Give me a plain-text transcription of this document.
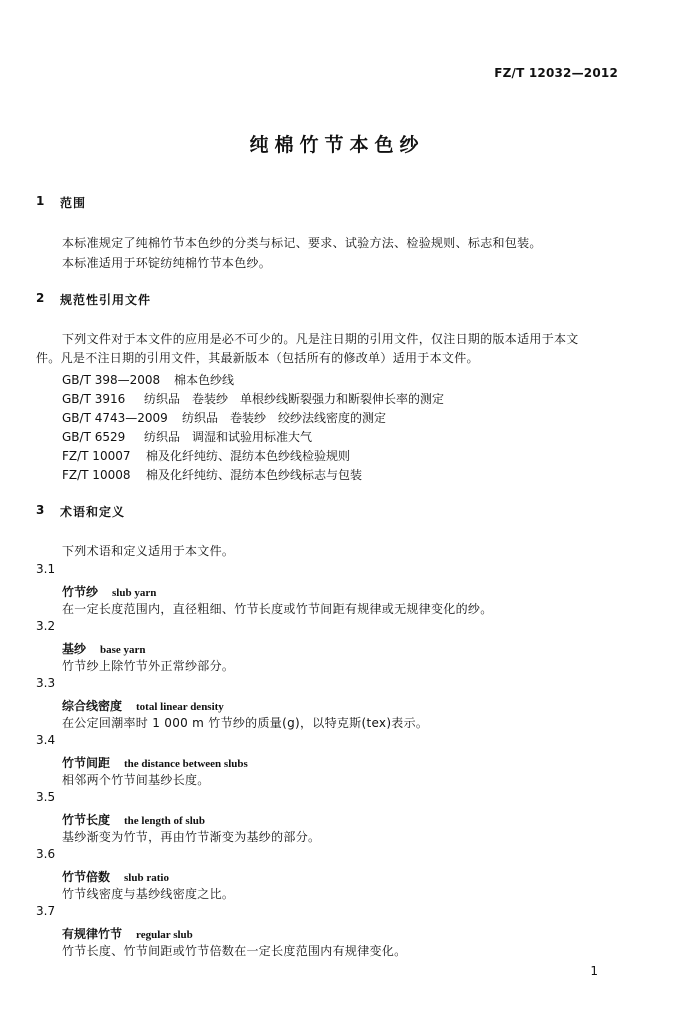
FZ/T 12032—2012
纯棉竹节本色纱
1 范围
本标准规定了纯棉竹节本色纱的分类与标记、要求、试验方法、检验规则、标志和包装。
本标准适用于环锭纺纯棉竹节本色纱。
2 规范性引用文件
下列文件对于本文件的应用是必不可少的。凡是注日期的引用文件，仅注日期的版本适用于本文
件。凡是不注日期的引用文件，其最新版本（包括所有的修改单）适用于本文件。
GB/T 398—2008 棉本色纱线
GB/T 3916 纺织品　卷装纱　单根纱线断裂强力和断裂伸长率的测定
GB/T 4743—2009 纺织品　卷装纱　绞纱法线密度的测定
GB/T 6529 纺织品　调湿和试验用标准大气
FZ/T 10007 棉及化纤纯纺、混纺本色纱线检验规则
FZ/T 10008 棉及化纤纯纺、混纺本色纱线标志与包装
3 术语和定义
下列术语和定义适用于本文件。
3.1
竹节纱 slub yarn
在一定长度范围内，直径粗细、竹节长度或竹节间距有规律或无规律变化的纱。
3.2
基纱 base yarn
竹节纱上除竹节外正常纱部分。
3.3
综合线密度 total linear density
在公定回潮率时 1 000 m 竹节纱的质量(g)，以特克斯(tex)表示。
3.4
竹节间距 the distance between slubs
相邻两个竹节间基纱长度。
3.5
竹节长度 the length of slub
基纱渐变为竹节，再由竹节渐变为基纱的部分。
3.6
竹节倍数 slub ratio
竹节线密度与基纱线密度之比。
3.7
有规律竹节 regular slub
竹节长度、竹节间距或竹节倍数在一定长度范围内有规律变化。
1
